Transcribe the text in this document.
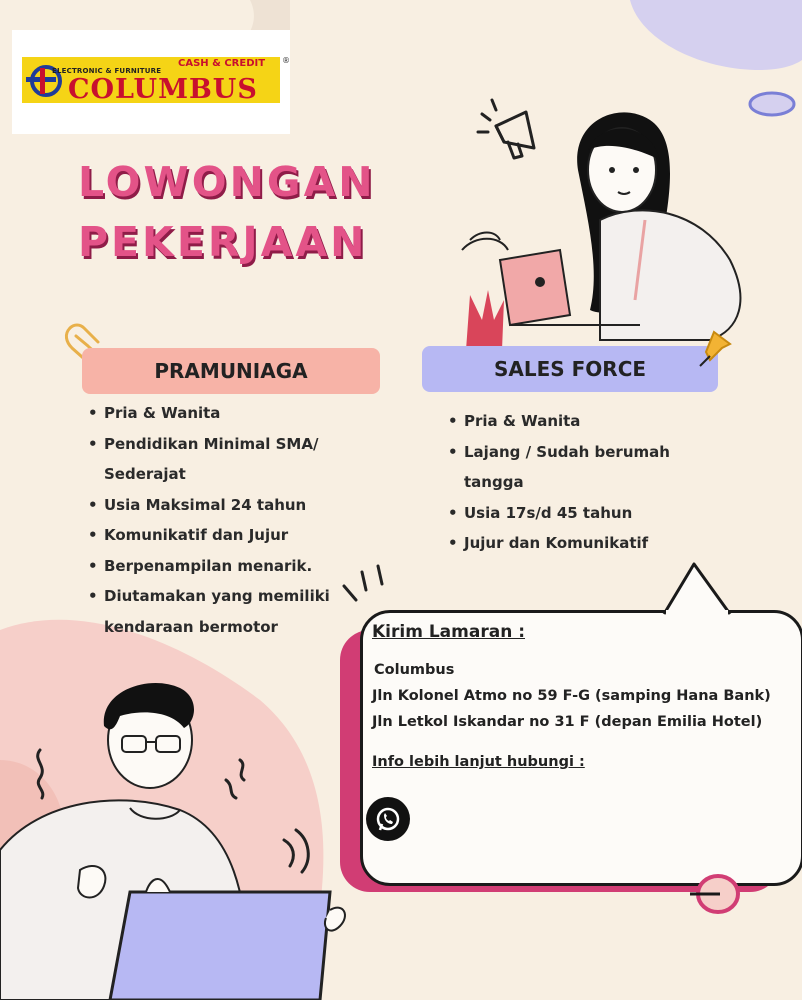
ELECTRONIC & FURNITURE
CASH & CREDIT ®
COLUMBUS
LOWONGAN
PEKERJAAN
PRAMUNIAGA	SALES FORCE
• Pria & Wanita
• Pendidikan Minimal SMA/ Sederajat
• Usia Maksimal 24 tahun
• Komunikatif dan Jujur
• Berpenampilan menarik.
• Diutamakan yang memiliki kendaraan bermotor
• Pria & Wanita
• Lajang / Sudah berumah tangga
• Usia 17s/d 45 tahun
• Jujur dan Komunikatif
Kirim Lamaran :
Columbus
Jln Kolonel Atmo no 59 F-G (samping Hana Bank)
Jln Letkol Iskandar no 31 F (depan Emilia Hotel)
Info lebih lanjut hubungi :
